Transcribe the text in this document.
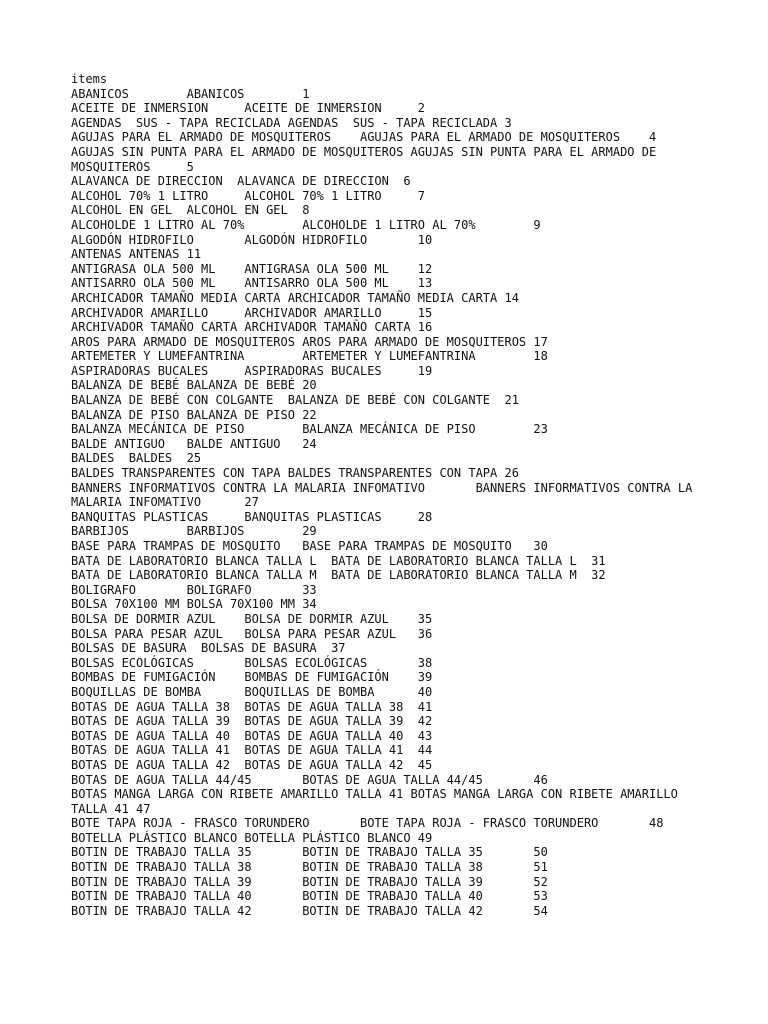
items
ABANICOS	ABANICOS	1
ACEITE DE INMERSION	ACEITE DE INMERSION	2
AGENDAS  SUS - TAPA RECICLADA AGENDAS  SUS - TAPA RECICLADA 3
AGUJAS PARA EL ARMADO DE MOSQUITEROS	AGUJAS PARA EL ARMADO DE MOSQUITEROS	4
AGUJAS SIN PUNTA PARA EL ARMADO DE MOSQUITEROS AGUJAS SIN PUNTA PARA EL ARMADO DE MOSQUITEROS	5
ALAVANCA DE DIRECCION  ALAVANCA DE DIRECCION  6
ALCOHOL 70% 1 LITRO	ALCOHOL 70% 1 LITRO	7
ALCOHOL EN GEL	ALCOHOL EN GEL	8
ALCOHOLDE 1 LITRO AL 70%	ALCOHOLDE 1 LITRO AL 70%	9
ALGODÓN HIDROFILO	ALGODÓN HIDROFILO	10
ANTENAS	ANTENAS	11
ANTIGRASA OLA 500 ML	ANTIGRASA OLA 500 ML	12
ANTISARRO OLA 500 ML	ANTISARRO OLA 500 ML	13
ARCHICADOR TAMAÑO MEDIA CARTA ARCHICADOR TAMAÑO MEDIA CARTA 14
ARCHIVADOR AMARILLO	ARCHIVADOR AMARILLO	15
ARCHIVADOR TAMAÑO CARTA ARCHIVADOR TAMAÑO CARTA 16
AROS PARA ARMADO DE MOSQUITEROS	AROS PARA ARMADO DE MOSQUITEROS	17
ARTEMETER Y LUMEFANTRINA	ARTEMETER Y LUMEFANTRINA	18
ASPIRADORAS BUCALES	ASPIRADORAS BUCALES	19
BALANZA DE BEBÉ	BALANZA DE BEBÉ	20
BALANZA DE BEBÉ CON COLGANTE  BALANZA DE BEBÉ CON COLGANTE  21
BALANZA DE PISO	BALANZA DE PISO	22
BALANZA MECÁNICA DE PISO	BALANZA MECÁNICA DE PISO	23
BALDE ANTIGUO	BALDE ANTIGUO	24
BALDES	BALDES	25
BALDES TRANSPARENTES CON TAPA BALDES TRANSPARENTES CON TAPA 26
BANNERS INFORMATIVOS CONTRA LA MALARIA INFOMATIVO	BANNERS INFORMATIVOS CONTRA LA MALARIA INFOMATIVO	27
BANQUITAS PLASTICAS	BANQUITAS PLASTICAS	28
BARBIJOS	BARBIJOS	29
BASE PARA TRAMPAS DE MOSQUITO	BASE PARA TRAMPAS DE MOSQUITO	30
BATA DE LABORATORIO BLANCA TALLA L  BATA DE LABORATORIO BLANCA TALLA L  31
BATA DE LABORATORIO BLANCA TALLA M  BATA DE LABORATORIO BLANCA TALLA M  32
BOLIGRAFO	BOLIGRAFO	33
BOLSA 70X100 MM	BOLSA 70X100 MM	34
BOLSA DE DORMIR AZUL	BOLSA DE DORMIR AZUL	35
BOLSA PARA PESAR AZUL	BOLSA PARA PESAR AZUL	36
BOLSAS DE BASURA  BOLSAS DE BASURA  37
BOLSAS ECOLÓGICAS	BOLSAS ECOLÓGICAS	38
BOMBAS DE FUMIGACIÓN	BOMBAS DE FUMIGACIÓN	39
BOQUILLAS DE BOMBA	BOQUILLAS DE BOMBA	40
BOTAS DE AGUA TALLA 38  BOTAS DE AGUA TALLA 38  41
BOTAS DE AGUA TALLA 39  BOTAS DE AGUA TALLA 39  42
BOTAS DE AGUA TALLA 40  BOTAS DE AGUA TALLA 40  43
BOTAS DE AGUA TALLA 41  BOTAS DE AGUA TALLA 41  44
BOTAS DE AGUA TALLA 42  BOTAS DE AGUA TALLA 42  45
BOTAS DE AGUA TALLA 44/45	BOTAS DE AGUA TALLA 44/45	46
BOTAS MANGA LARGA CON RIBETE AMARILLO TALLA 41 BOTAS MANGA LARGA CON RIBETE AMARILLO TALLA 41 47
BOTE TAPA ROJA - FRASCO TORUNDERO	BOTE TAPA ROJA - FRASCO TORUNDERO	48
BOTELLA PLÁSTICO BLANCO BOTELLA PLÁSTICO BLANCO 49
BOTIN DE TRABAJO TALLA 35	BOTIN DE TRABAJO TALLA 35	50
BOTIN DE TRABAJO TALLA 38	BOTIN DE TRABAJO TALLA 38	51
BOTIN DE TRABAJO TALLA 39	BOTIN DE TRABAJO TALLA 39	52
BOTIN DE TRABAJO TALLA 40	BOTIN DE TRABAJO TALLA 40	53
BOTIN DE TRABAJO TALLA 42	BOTIN DE TRABAJO TALLA 42	54
